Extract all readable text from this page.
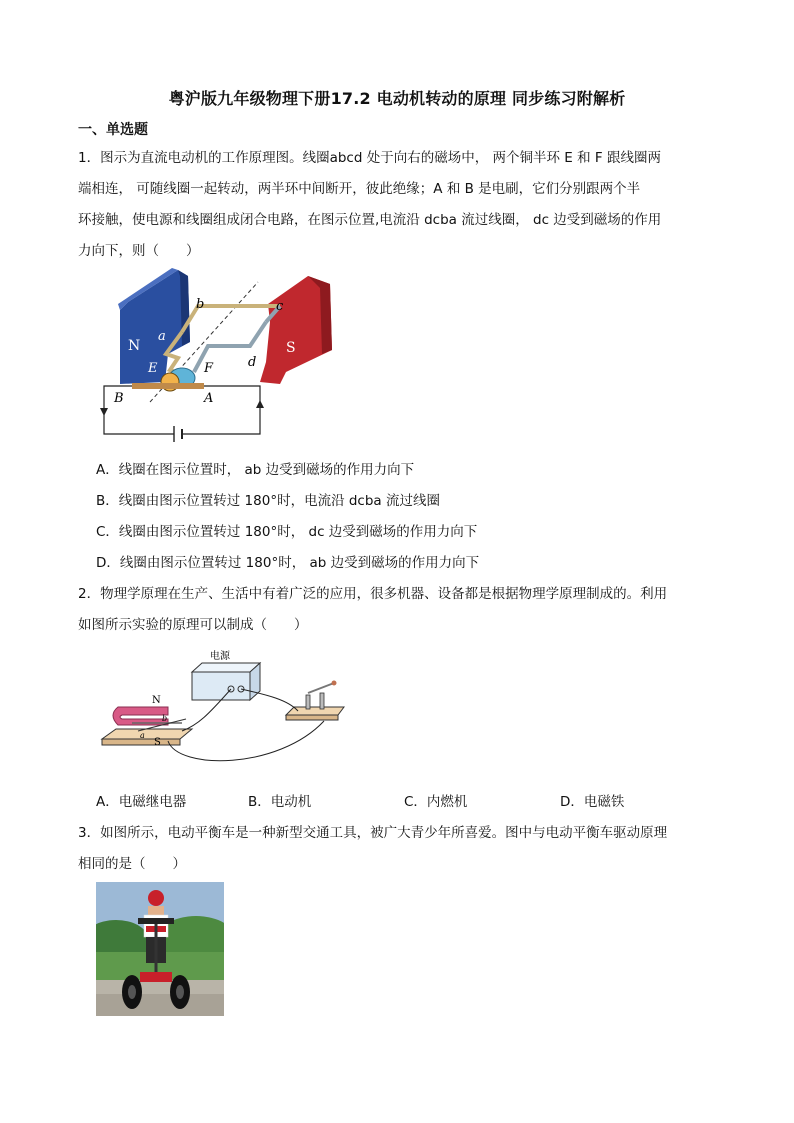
粤沪版九年级物理下册17.2 电动机转动的原理 同步练习附解析
一、单选题
1．图示为直流电动机的工作原理图。线圈abcd 处于向右的磁场中， 两个铜半环 E 和 F 跟线圈两
端相连， 可随线圈一起转动，两半环中间断开，彼此绝缘；A 和 B 是电刷，它们分别跟两个半
环接触，使电源和线圈组成闭合电路，在图示位置,电流沿 dcba 流过线圈， dc 边受到磁场的作用
力向下，则（　　）
N	S
a
b	c
d
E	F
B	A
A．线圈在图示位置时， ab 边受到磁场的作用力向下
B．线圈由图示位置转过 180°时，电流沿 dcba 流过线圈
C．线圈由图示位置转过 180°时， dc 边受到磁场的作用力向下
D．线圈由图示位置转过 180°时， ab 边受到磁场的作用力向下
2．物理学原理在生产、生活中有着广泛的应用，很多机器、设备都是根据物理学原理制成的。利用
如图所示实验的原理可以制成（　　）
电源
N
S
b
a
A．电磁继电器	B．电动机	C．内燃机	D．电磁铁
3．如图所示，电动平衡车是一种新型交通工具，被广大青少年所喜爱。图中与电动平衡车驱动原理
相同的是（　　）
